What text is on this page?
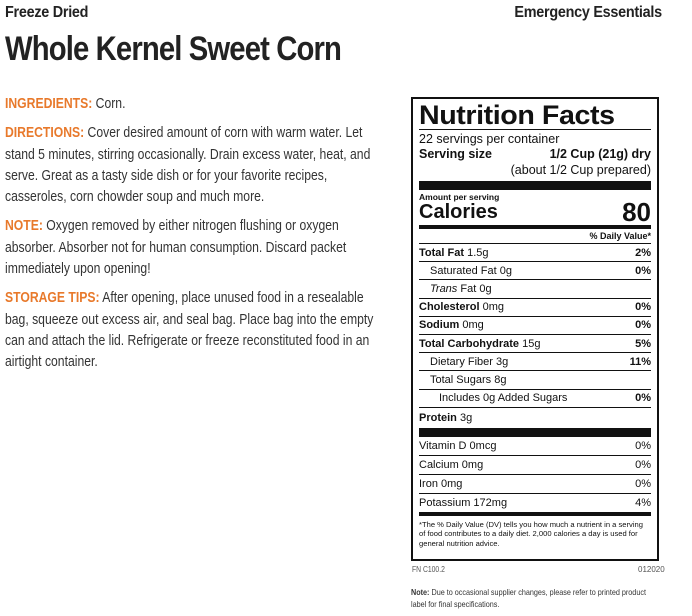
Freeze Dried	Emergency Essentials
Whole Kernel Sweet Corn

INGREDIENTS: Corn.

DIRECTIONS: Cover desired amount of corn with warm water. Let stand 5 minutes, stirring occasionally. Drain excess water, heat, and serve. Great as a tasty side dish or for your favorite recipes, casseroles, corn chowder soup and much more.

NOTE: Oxygen removed by either nitrogen flushing or oxygen absorber. Absorber not for human consumption. Discard packet immediately upon opening!

STORAGE TIPS: After opening, place unused food in a resealable bag, squeeze out excess air, and seal bag. Place bag into the empty can and attach the lid. Refrigerate or freeze reconstituted food in an airtight container.

Nutrition Facts
22 servings per container
Serving size	1/2 Cup (21g) dry
(about 1/2 Cup prepared)
Amount per serving
Calories	80
% Daily Value*
Total Fat 1.5g	2%
Saturated Fat 0g	0%
Trans Fat 0g
Cholesterol 0mg	0%
Sodium 0mg	0%
Total Carbohydrate 15g	5%
Dietary Fiber 3g	11%
Total Sugars 8g
Includes 0g Added Sugars	0%
Protein 3g
Vitamin D 0mcg	0%
Calcium 0mg	0%
Iron 0mg	0%
Potassium 172mg	4%
*The % Daily Value (DV) tells you how much a nutrient in a serving of food contributes to a daily diet. 2,000 calories a day is used for general nutrition advice.
FN C100.2	012020
Note: Due to occasional supplier changes, please refer to printed product label for final specifications.
